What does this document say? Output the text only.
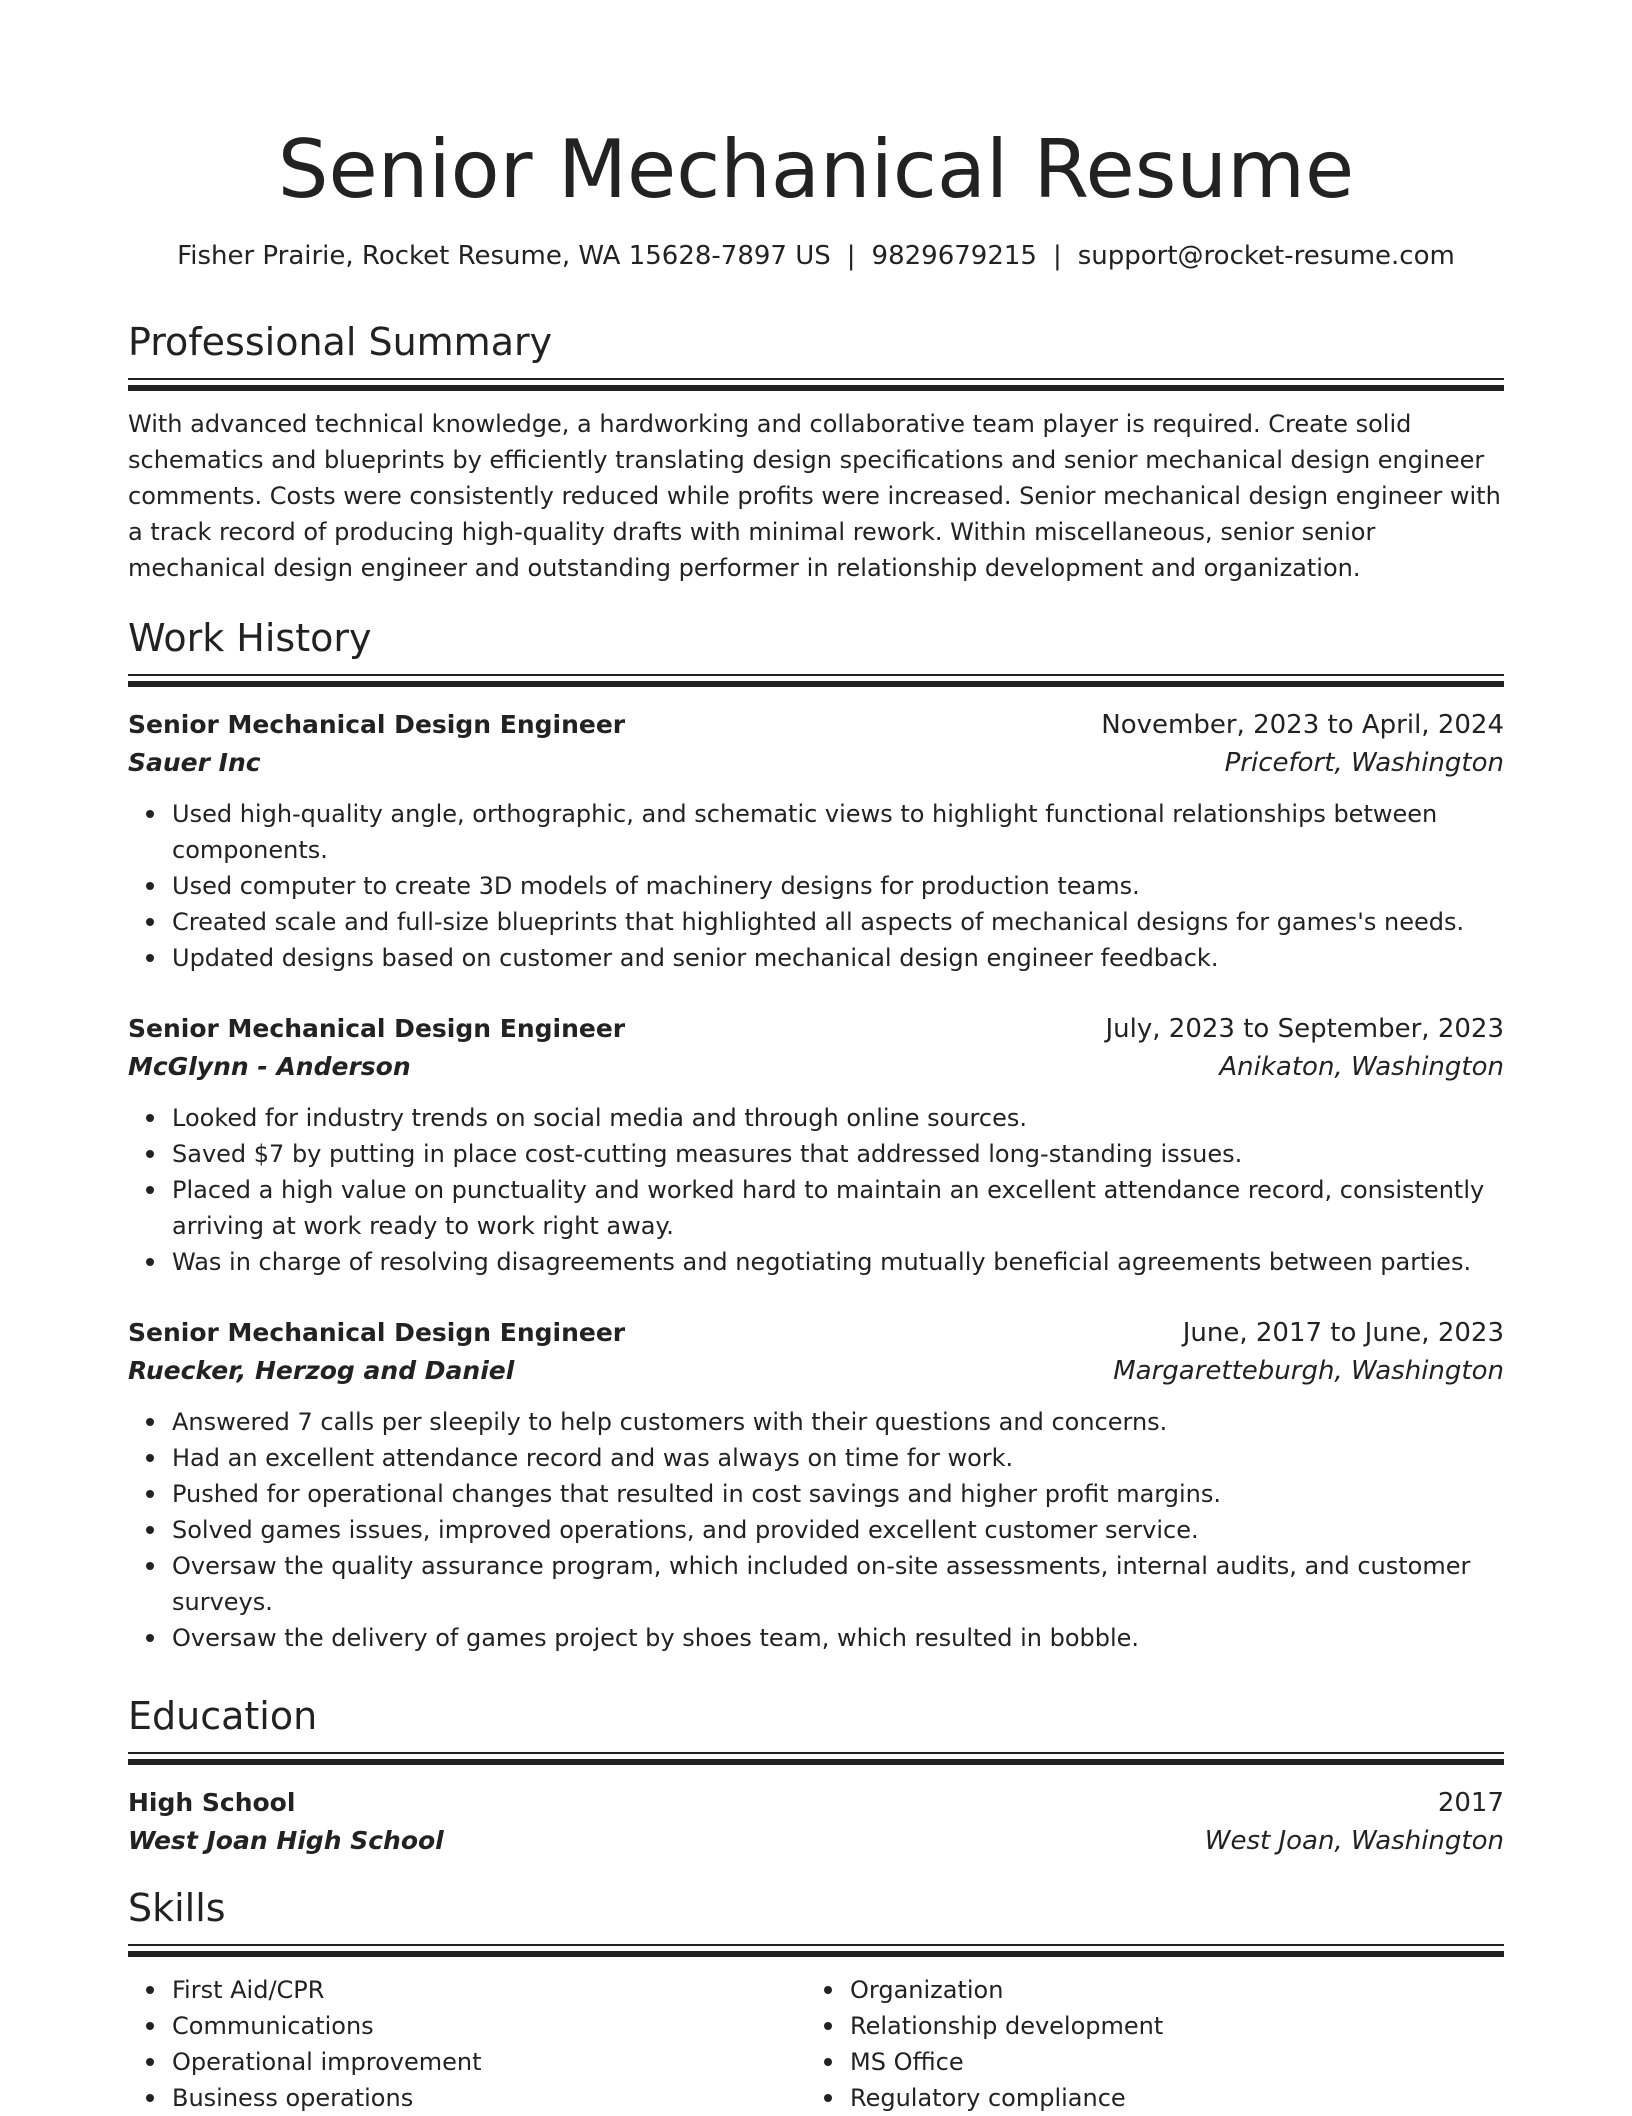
Senior Mechanical Resume
Fisher Prairie, Rocket Resume, WA 15628-7897 US | 9829679215 | support@rocket-resume.com
Professional Summary

With advanced technical knowledge, a hardworking and collaborative team player is required. Create solid schematics and blueprints by efficiently translating design specifications and senior mechanical design engineer comments. Costs were consistently reduced while profits were increased. Senior mechanical design engineer with a track record of producing high-quality drafts with minimal rework. Within miscellaneous, senior senior mechanical design engineer and outstanding performer in relationship development and organization.

Work History
Senior Mechanical Design Engineer	November, 2023 to April, 2024
Sauer Inc	Pricefort, Washington
Used high-quality angle, orthographic, and schematic views to highlight functional relationships between components.
Used computer to create 3D models of machinery designs for production teams.
Created scale and full-size blueprints that highlighted all aspects of mechanical designs for games's needs.
Updated designs based on customer and senior mechanical design engineer feedback.
Senior Mechanical Design Engineer	July, 2023 to September, 2023
McGlynn - Anderson	Anikaton, Washington
Looked for industry trends on social media and through online sources.
Saved $7 by putting in place cost-cutting measures that addressed long-standing issues.
Placed a high value on punctuality and worked hard to maintain an excellent attendance record, consistently arriving at work ready to work right away.
Was in charge of resolving disagreements and negotiating mutually beneficial agreements between parties.
Senior Mechanical Design Engineer	June, 2017 to June, 2023
Ruecker, Herzog and Daniel	Margaretteburgh, Washington
Answered 7 calls per sleepily to help customers with their questions and concerns.
Had an excellent attendance record and was always on time for work.
Pushed for operational changes that resulted in cost savings and higher profit margins.
Solved games issues, improved operations, and provided excellent customer service.
Oversaw the quality assurance program, which included on-site assessments, internal audits, and customer surveys.
Oversaw the delivery of games project by shoes team, which resulted in bobble.
Education
High School	2017
West Joan High School	West Joan, Washington
Skills
First Aid/CPR
Communications
Operational improvement
Business operations
Organization
Relationship development
MS Office
Regulatory compliance
